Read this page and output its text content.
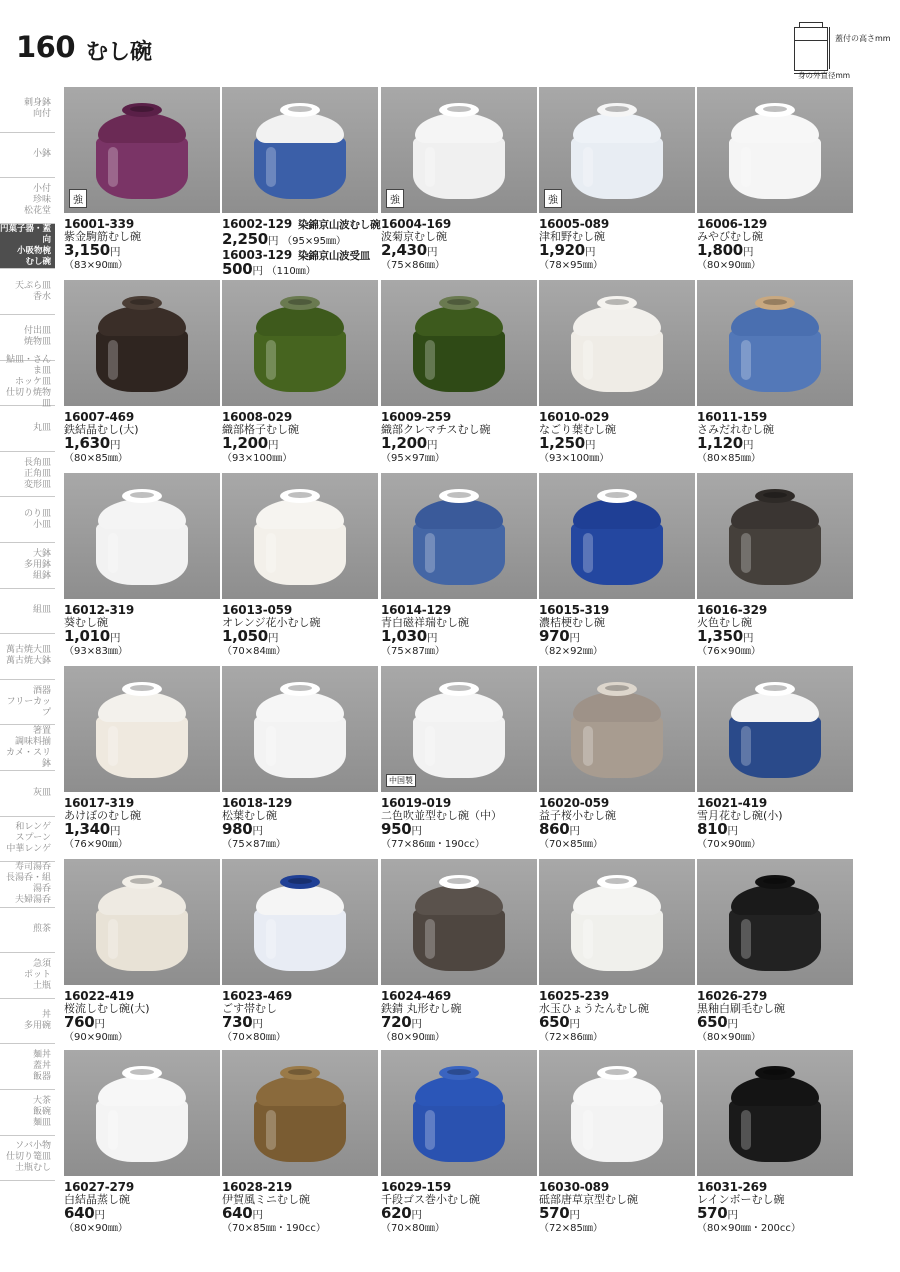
160 むし碗
蓋付の高さmm
身の外直径mm
刺身鉢
向付
小鉢
小付
珍味
松花堂
円菓子器・蓋向
小吸物椀
むし碗
天ぷら皿
香水
付出皿
焼物皿
鮎皿・さんま皿
ホッケ皿
仕切り焼物皿
丸皿
長角皿
正角皿
変形皿
のり皿
小皿
大鉢
多用鉢
組鉢
組皿
萬古焼大皿
萬古焼大鉢
酒器
フリーカップ
箸置
調味料揃
カメ・スリ鉢
灰皿
和レンゲ
スプーン
中華レンゲ
寿司湯呑
長湯呑・組湯呑
夫婦湯呑
煎茶
急須
ポット
土瓶
丼
多用碗
麺丼
蓋丼
飯器
大茶
飯碗
麺皿
ソバ小物
仕切り篭皿
土瓶むし
強
16001-339
紫金駒筋むし碗
3,150円
（83×90㎜）
16002-129 染錦京山波むし碗
2,250円 （95×95㎜）
16003-129 染錦京山波受皿
500円 （110㎜）
強
16004-169
波菊京むし碗
2,430円
（75×86㎜）
強
16005-089
津和野むし碗
1,920円
（78×95㎜）
16006-129
みやびむし碗
1,800円
（80×90㎜）
16007-469
鉄結晶むし(大)
1,630円
（80×85㎜）
16008-029
織部格子むし碗
1,200円
（93×100㎜）
16009-259
織部クレマチスむし碗
1,200円
（95×97㎜）
16010-029
なごり葉むし碗
1,250円
（93×100㎜）
16011-159
さみだれむし碗
1,120円
（80×85㎜）
16012-319
葵むし碗
1,010円
（93×83㎜）
16013-059
オレンジ花小むし碗
1,050円
（70×84㎜）
16014-129
青白磁祥瑞むし碗
1,030円
（75×87㎜）
16015-319
濃桔梗むし碗
970円
（82×92㎜）
16016-329
火色むし碗
1,350円
（76×90㎜）
16017-319
あけぼのむし碗
1,340円
（76×90㎜）
16018-129
松葉むし碗
980円
（75×87㎜）
中国製
16019-019
二色吹並型むし碗（中）
950円
（77×86㎜・190cc）
16020-059
益子桜小むし碗
860円
（70×85㎜）
16021-419
雪月花むし碗(小)
810円
（70×90㎜）
16022-419
桜流しむし碗(大)
760円
（90×90㎜）
16023-469
ごす帯むし
730円
（70×80㎜）
16024-469
鉄錆 丸形むし碗
720円
（80×90㎜）
16025-239
水玉ひょうたんむし碗
650円
（72×86㎜）
16026-279
黒釉白刷毛むし碗
650円
（80×90㎜）
16027-279
白結晶蒸し碗
640円
（80×90㎜）
16028-219
伊賀風ミニむし碗
640円
（70×85㎜・190cc）
16029-159
千段ゴス巻小むし碗
620円
（70×80㎜）
16030-089
砥部唐草京型むし碗
570円
（72×85㎜）
16031-269
レインボーむし碗
570円
（80×90㎜・200cc）
